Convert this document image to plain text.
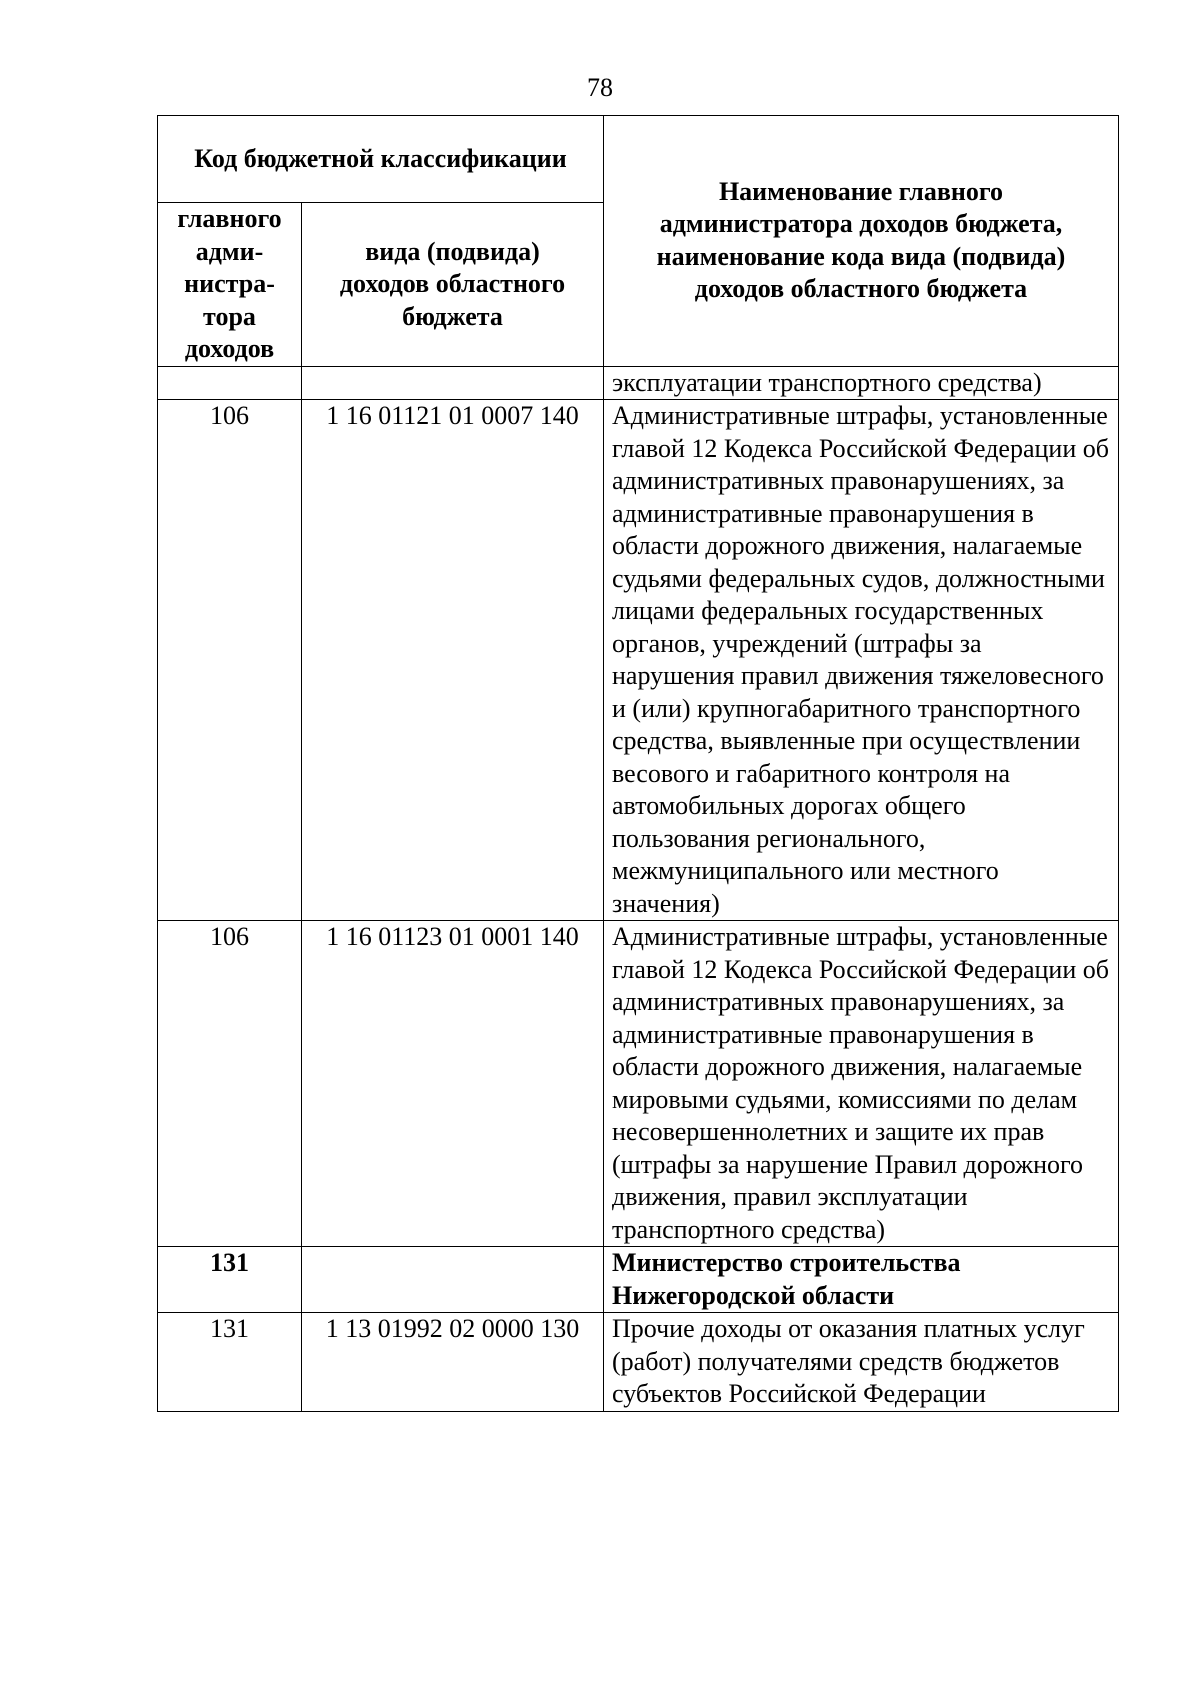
78
Код бюджетной классификации		Наименование главного
администратора доходов бюджета,
наименование кода вида (подвида)
доходов областного бюджета
главного
адми-
нистра-
тора
доходов	вида (подвида)
доходов областного
бюджета	
		эксплуатации транспортного средства)
106	1 16 01121 01 0007 140	Административные штрафы, установленные главой 12 Кодекса Российской Федерации об административных правонарушениях, за административные правонарушения в области дорожного движения, налагаемые судьями федеральных судов, должностными лицами федеральных государственных органов, учреждений (штрафы за нарушения правил движения тяжеловесного и (или) крупногабаритного транспортного средства, выявленные при осуществлении весового и габаритного контроля на автомобильных дорогах общего пользования регионального, межмуниципального или местного значения)
106	1 16 01123 01 0001 140	Административные штрафы, установленные главой 12 Кодекса Российской Федерации об административных правонарушениях, за административные правонарушения в области дорожного движения, налагаемые мировыми судьями, комиссиями по делам несовершеннолетних и защите их прав (штрафы за нарушение Правил дорожного движения, правил эксплуатации транспортного средства)
131		Министерство строительства Нижегородской области
131	1 13 01992 02 0000 130	Прочие доходы от оказания платных услуг (работ) получателями средств бюджетов субъектов Российской Федерации
